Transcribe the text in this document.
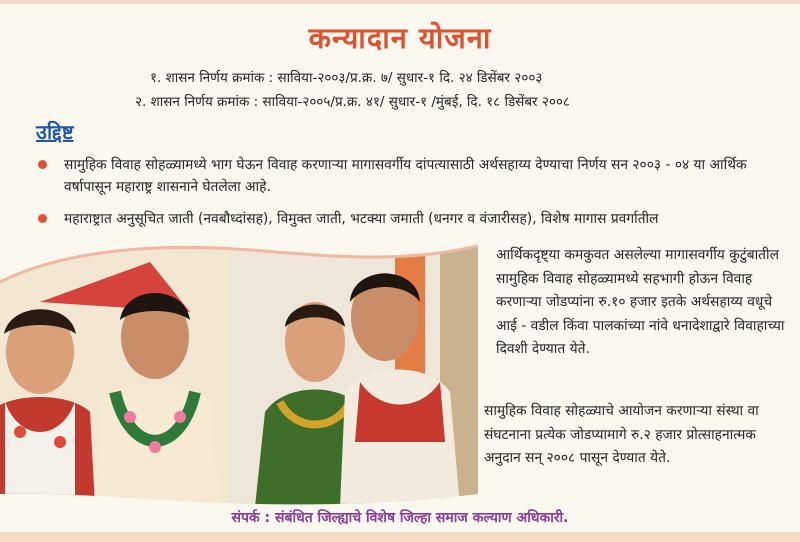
कन्यादान योजना
१. शासन निर्णय क्रमांक : साविया-२००३/प्र.क्र. ७/ सुधार-१ दि. २४ डिसेंबर २००३
२. शासन निर्णय क्रमांक : साविया-२००५/प्र.क्र. ४१/ सुधार-१ /मुंबई, दि. १८ डिसेंबर २००८
उद्दिष्ट
सामुहिक विवाह सोहळ्यामध्ये भाग घेऊन विवाह करणाऱ्या मागासवर्गीय दांपत्यासाठी अर्थसहाय्य देण्याचा निर्णय सन २००३ - ०४ या आर्थिक वर्षापासून महाराष्ट्र शासनाने घेतलेला आहे.
महाराष्ट्रात अनुसूचित जाती (नवबौध्दांसह), विमुक्त जाती, भटक्या जमाती (धनगर व वंजारीसह), विशेष मागास प्रवर्गातील
आर्थिकदृष्ट्या कमकुवत असलेल्या मागासवर्गीय कुटुंबातील सामुहिक विवाह सोहळ्यामध्ये सहभागी होऊन विवाह करणाऱ्या जोडप्यांना रु.१० हजार इतके अर्थसहाय्य वधूचे आई - वडील किंवा पालकांच्या नांवे धनादेशाद्वारे विवाहाच्या दिवशी देण्यात येते.
सामुहिक विवाह सोहळ्याचे आयोजन करणाऱ्या संस्था वा संघटनाना प्रत्येक जोडप्यामागे रु.२ हजार प्रोत्साहनात्मक अनुदान सन् २००८ पासून देण्यात येते.
संपर्क : संबंधित जिल्ह्याचे विशेष जिल्हा समाज कल्याण अधिकारी.
